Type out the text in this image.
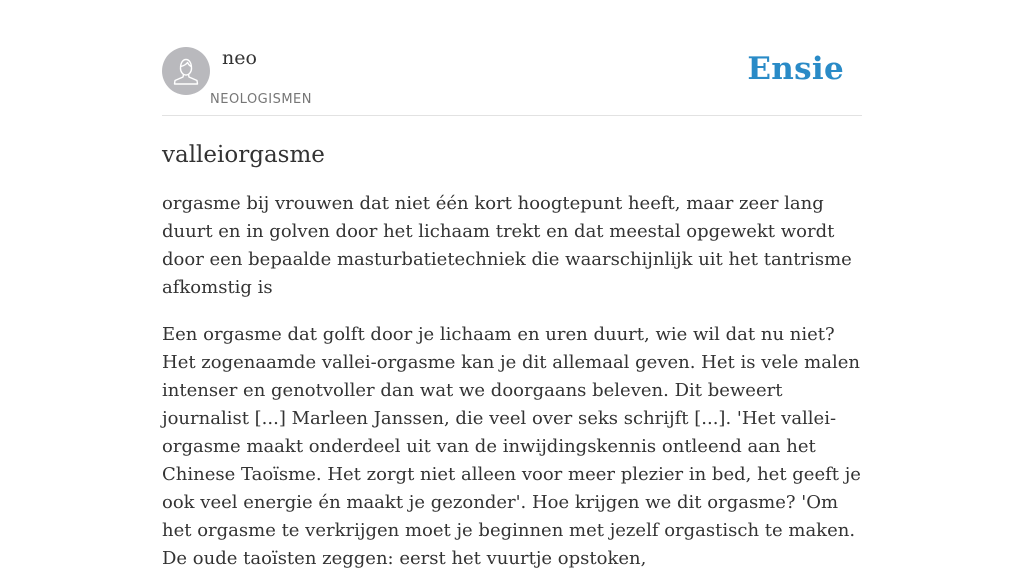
neo
NEOLOGISMEN
Ensie
valleiorgasme

orgasme bij vrouwen dat niet één kort hoogtepunt heeft, maar zeer lang duurt en in golven door het lichaam trekt en dat meestal opgewekt wordt door een bepaalde masturbatietechniek die waarschijnlijk uit het tantrisme afkomstig is

Een orgasme dat golft door je lichaam en uren duurt, wie wil dat nu niet? Het zogenaamde vallei-orgasme kan je dit allemaal geven. Het is vele malen intenser en genotvoller dan wat we doorgaans beleven. Dit beweert journalist [...] Marleen Janssen, die veel over seks schrijft [...]. 'Het vallei-orgasme maakt onderdeel uit van de inwijdingskennis ontleend aan het Chinese Taoïsme. Het zorgt niet alleen voor meer plezier in bed, het geeft je ook veel energie én maakt je gezonder'. Hoe krijgen we dit orgasme? 'Om het orgasme te verkrijgen moet je beginnen met jezelf orgastisch te maken. De oude taoïsten zeggen: eerst het vuurtje opstoken,
